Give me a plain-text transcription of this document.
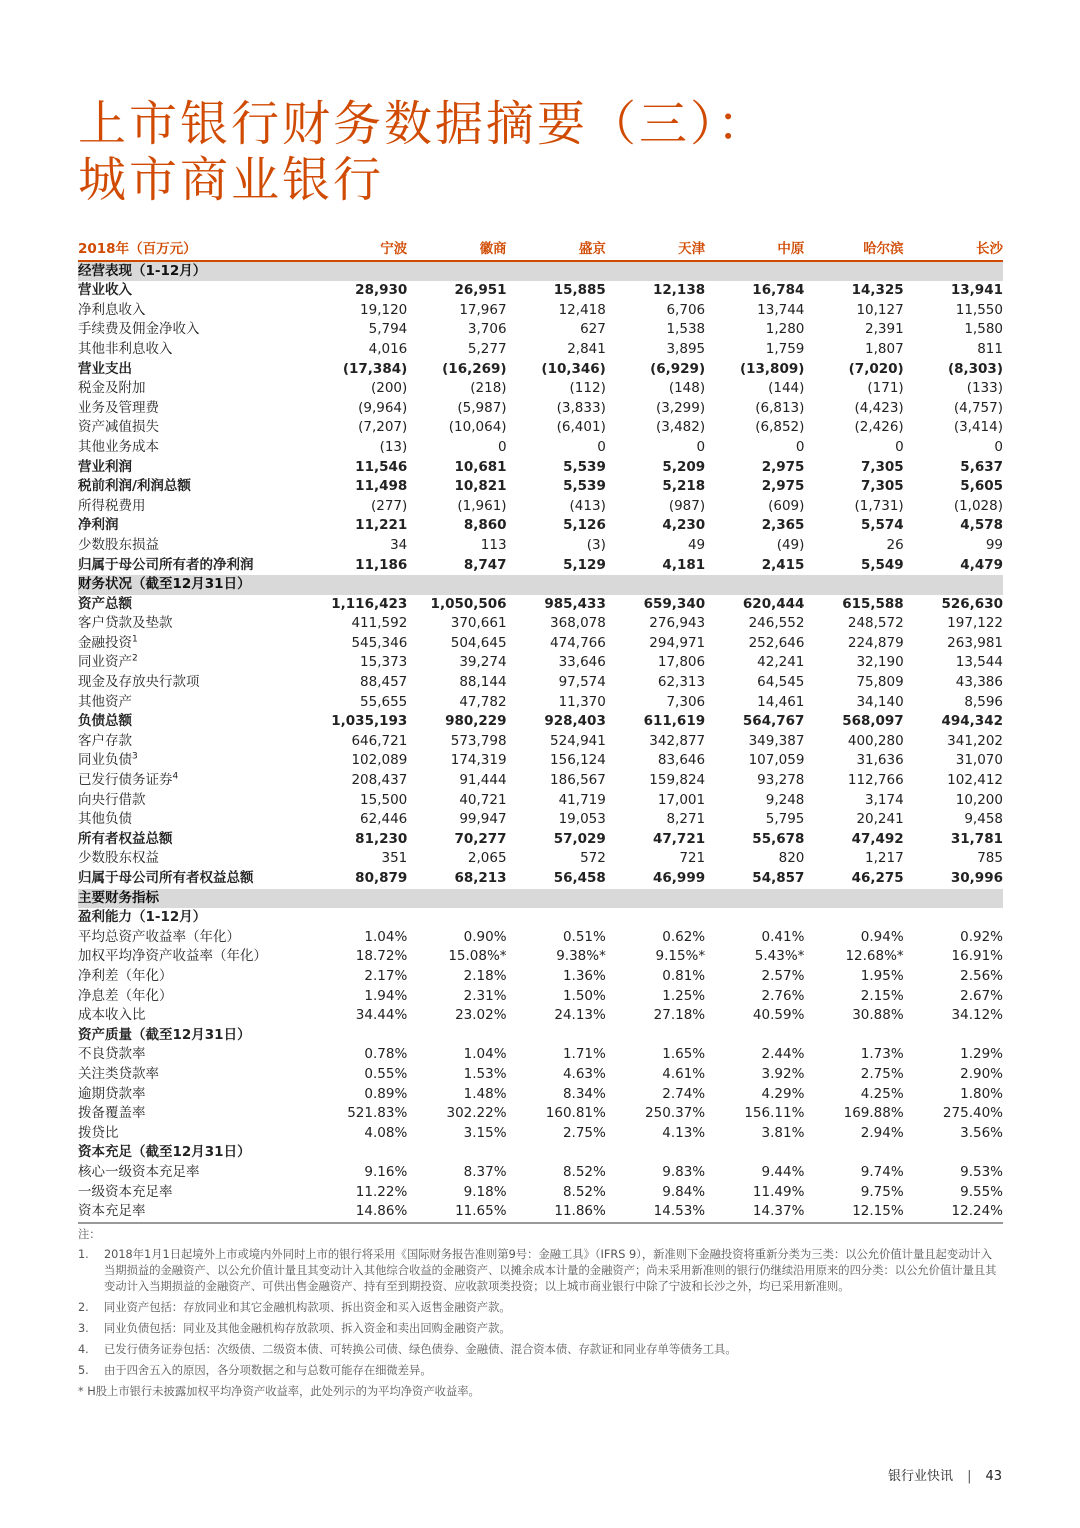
上市银行财务数据摘要（三）：
城市商业银行
2018年（百万元）	宁波	徽商	盛京	天津	中原	哈尔滨	长沙
经营表现（1-12月）							
营业收入	28,930	26,951	15,885	12,138	16,784	14,325	13,941
净利息收入	19,120	17,967	12,418	6,706	13,744	10,127	11,550
手续费及佣金净收入	5,794	3,706	627	1,538	1,280	2,391	1,580
其他非利息收入	4,016	5,277	2,841	3,895	1,759	1,807	811
营业支出	(17,384)	(16,269)	(10,346)	(6,929)	(13,809)	(7,020)	(8,303)
税金及附加	(200)	(218)	(112)	(148)	(144)	(171)	(133)
业务及管理费	(9,964)	(5,987)	(3,833)	(3,299)	(6,813)	(4,423)	(4,757)
资产减值损失	(7,207)	(10,064)	(6,401)	(3,482)	(6,852)	(2,426)	(3,414)
其他业务成本	(13)	0	0	0	0	0	0
营业利润	11,546	10,681	5,539	5,209	2,975	7,305	5,637
税前利润/利润总额	11,498	10,821	5,539	5,218	2,975	7,305	5,605
所得税费用	(277)	(1,961)	(413)	(987)	(609)	(1,731)	(1,028)
净利润	11,221	8,860	5,126	4,230	2,365	5,574	4,578
少数股东损益	34	113	(3)	49	(49)	26	99
归属于母公司所有者的净利润	11,186	8,747	5,129	4,181	2,415	5,549	4,479
财务状况（截至12月31日）							
资产总额	1,116,423	1,050,506	985,433	659,340	620,444	615,588	526,630
客户贷款及垫款	411,592	370,661	368,078	276,943	246,552	248,572	197,122
金融投资$^1$	545,346	504,645	474,766	294,971	252,646	224,879	263,981
同业资产$^2$	15,373	39,274	33,646	17,806	42,241	32,190	13,544
现金及存放央行款项	88,457	88,144	97,574	62,313	64,545	75,809	43,386
其他资产	55,655	47,782	11,370	7,306	14,461	34,140	8,596
负债总额	1,035,193	980,229	928,403	611,619	564,767	568,097	494,342
客户存款	646,721	573,798	524,941	342,877	349,387	400,280	341,202
同业负债$^3$	102,089	174,319	156,124	83,646	107,059	31,636	31,070
已发行债务证券$^4$	208,437	91,444	186,567	159,824	93,278	112,766	102,412
向央行借款	15,500	40,721	41,719	17,001	9,248	3,174	10,200
其他负债	62,446	99,947	19,053	8,271	5,795	20,241	9,458
所有者权益总额	81,230	70,277	57,029	47,721	55,678	47,492	31,781
少数股东权益	351	2,065	572	721	820	1,217	785
归属于母公司所有者权益总额	80,879	68,213	56,458	46,999	54,857	46,275	30,996
主要财务指标							
盈利能力（1-12月）							
平均总资产收益率（年化）	1.04%	0.90%	0.51%	0.62%	0.41%	0.94%	0.92%
加权平均净资产收益率（年化）	18.72%	15.08%*	9.38%*	9.15%*	5.43%*	12.68%*	16.91%
净利差（年化）	2.17%	2.18%	1.36%	0.81%	2.57%	1.95%	2.56%
净息差（年化）	1.94%	2.31%	1.50%	1.25%	2.76%	2.15%	2.67%
成本收入比	34.44%	23.02%	24.13%	27.18%	40.59%	30.88%	34.12%
资产质量（截至12月31日）							
不良贷款率	0.78%	1.04%	1.71%	1.65%	2.44%	1.73%	1.29%
关注类贷款率	0.55%	1.53%	4.63%	4.61%	3.92%	2.75%	2.90%
逾期贷款率	0.89%	1.48%	8.34%	2.74%	4.29%	4.25%	1.80%
拨备覆盖率	521.83%	302.22%	160.81%	250.37%	156.11%	169.88%	275.40%
拨贷比	4.08%	3.15%	2.75%	4.13%	3.81%	2.94%	3.56%
资本充足（截至12月31日）							
核心一级资本充足率	9.16%	8.37%	8.52%	9.83%	9.44%	9.74%	9.53%
一级资本充足率	11.22%	9.18%	8.52%	9.84%	11.49%	9.75%	9.55%
资本充足率	14.86%	11.65%	11.86%	14.53%	14.37%	12.15%	12.24%
注：
1.	2018年1月1日起境外上市或境内外同时上市的银行将采用《国际财务报告准则第9号：金融工具》（IFRS 9），新准则下金融投资将重新分类为三类：以公允价值计量且起变动计入当期损益的金融资产、以公允价值计量且其变动计入其他综合收益的金融资产、以摊余成本计量的金融资产；尚未采用新准则的银行仍继续沿用原来的四分类：以公允价值计量且其变动计入当期损益的金融资产、可供出售金融资产、持有至到期投资、应收款项类投资；以上城市商业银行中除了宁波和长沙之外，均已采用新准则。
2.	同业资产包括：存放同业和其它金融机构款项、拆出资金和买入返售金融资产款。
3.	同业负债包括：同业及其他金融机构存放款项、拆入资金和卖出回购金融资产款。
4.	已发行债务证券包括：次级债、二级资本债、可转换公司债、绿色债券、金融债、混合资本债、存款证和同业存单等债务工具。
5.	由于四舍五入的原因，各分项数据之和与总数可能存在细微差异。
* H股上市银行未披露加权平均净资产收益率，此处列示的为平均净资产收益率。
银行业快讯 | 43
